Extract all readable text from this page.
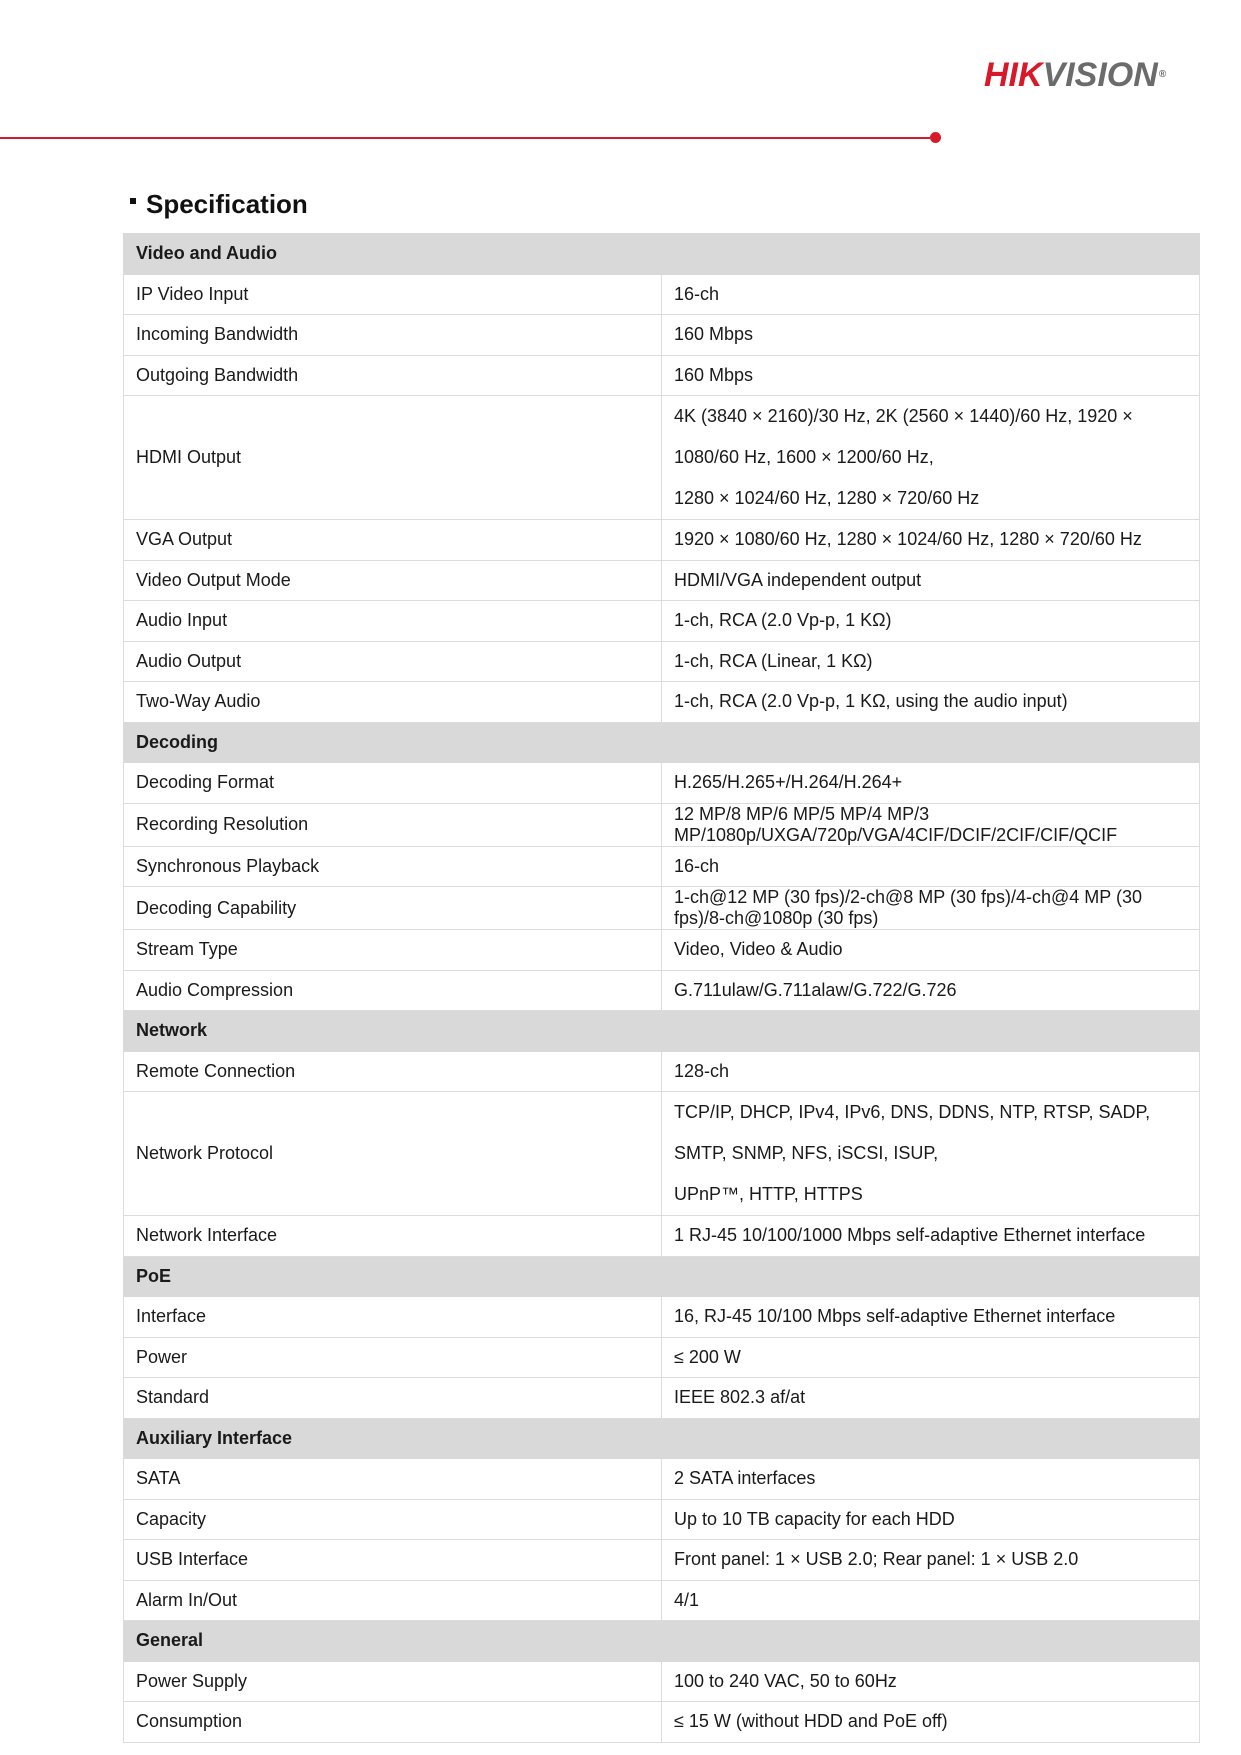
HIKVISION®
Specification
Video and Audio	
IP Video Input	16-ch
Incoming Bandwidth	160 Mbps
Outgoing Bandwidth	160 Mbps
HDMI Output	4K (3840 × 2160)/30 Hz, 2K (2560 × 1440)/60 Hz, 1920 × 1080/60 Hz, 1600 × 1200/60 Hz,
1280 × 1024/60 Hz, 1280 × 720/60 Hz

VGA Output	1920 × 1080/60 Hz, 1280 × 1024/60 Hz, 1280 × 720/60 Hz
Video Output Mode	HDMI/VGA independent output
Audio Input	1-ch, RCA (2.0 Vp-p, 1 KΩ)
Audio Output	1-ch, RCA (Linear, 1 KΩ)
Two-Way Audio	1-ch, RCA (2.0 Vp-p, 1 KΩ, using the audio input)
Decoding	
Decoding Format	H.265/H.265+/H.264/H.264+
Recording Resolution	12 MP/8 MP/6 MP/5 MP/4 MP/3 MP/1080p/UXGA/720p/VGA/4CIF/DCIF/2CIF/CIF/QCIF
Synchronous Playback	16-ch
Decoding Capability	1-ch@12 MP (30 fps)/2-ch@8 MP (30 fps)/4-ch@4 MP (30 fps)/8-ch@1080p (30 fps)
Stream Type	Video, Video & Audio
Audio Compression	G.711ulaw/G.711alaw/G.722/G.726
Network	
Remote Connection	128-ch
Network Protocol	TCP/IP, DHCP, IPv4, IPv6, DNS, DDNS, NTP, RTSP, SADP, SMTP, SNMP, NFS, iSCSI, ISUP,
UPnP™, HTTP, HTTPS

Network Interface	1 RJ-45 10/100/1000 Mbps self-adaptive Ethernet interface
PoE	
Interface	16, RJ-45 10/100 Mbps self-adaptive Ethernet interface
Power	≤ 200 W
Standard	IEEE 802.3 af/at
Auxiliary Interface	
SATA	2 SATA interfaces
Capacity	Up to 10 TB capacity for each HDD
USB Interface	Front panel: 1 × USB 2.0; Rear panel: 1 × USB 2.0
Alarm In/Out	4/1
General	
Power Supply	100 to 240 VAC, 50 to 60Hz
Consumption	≤ 15 W (without HDD and PoE off)
